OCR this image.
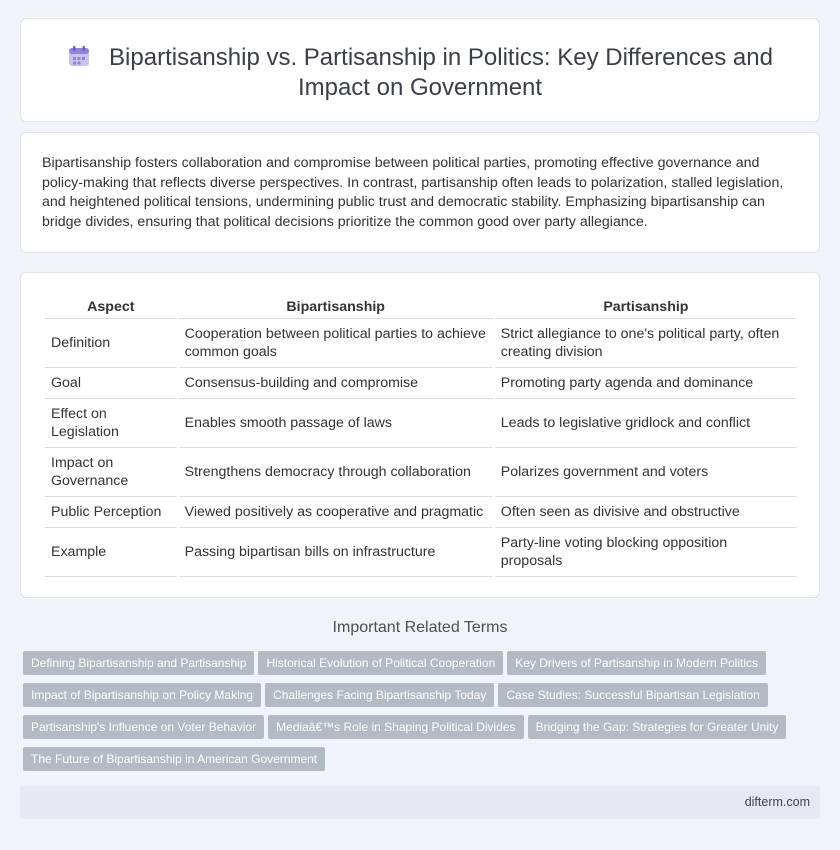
Bipartisanship vs. Partisanship in Politics: Key Differences and Impact on Government

Bipartisanship fosters collaboration and compromise between political parties, promoting effective governance and policy-making that reflects diverse perspectives. In contrast, partisanship often leads to polarization, stalled legislation, and heightened political tensions, undermining public trust and democratic stability. Emphasizing bipartisanship can bridge divides, ensuring that political decisions prioritize the common good over party allegiance.

Aspect	Bipartisanship	Partisanship
Definition	Cooperation between political parties to achieve common goals	Strict allegiance to one's political party, often creating division
Goal	Consensus-building and compromise	Promoting party agenda and dominance
Effect on Legislation	Enables smooth passage of laws	Leads to legislative gridlock and conflict
Impact on Governance	Strengthens democracy through collaboration	Polarizes government and voters
Public Perception	Viewed positively as cooperative and pragmatic	Often seen as divisive and obstructive
Example	Passing bipartisan bills on infrastructure	Party-line voting blocking opposition proposals
Important Related Terms
Defining Bipartisanship and Partisanship Historical Evolution of Political Cooperation Key Drivers of Partisanship in Modern Politics
Impact of Bipartisanship on Policy Making Challenges Facing Bipartisanship Today Case Studies: Successful Bipartisan Legislation
Partisanship's Influence on Voter Behavior Mediaâ€™s Role in Shaping Political Divides Bridging the Gap: Strategies for Greater Unity
The Future of Bipartisanship in American Government
difterm.com
